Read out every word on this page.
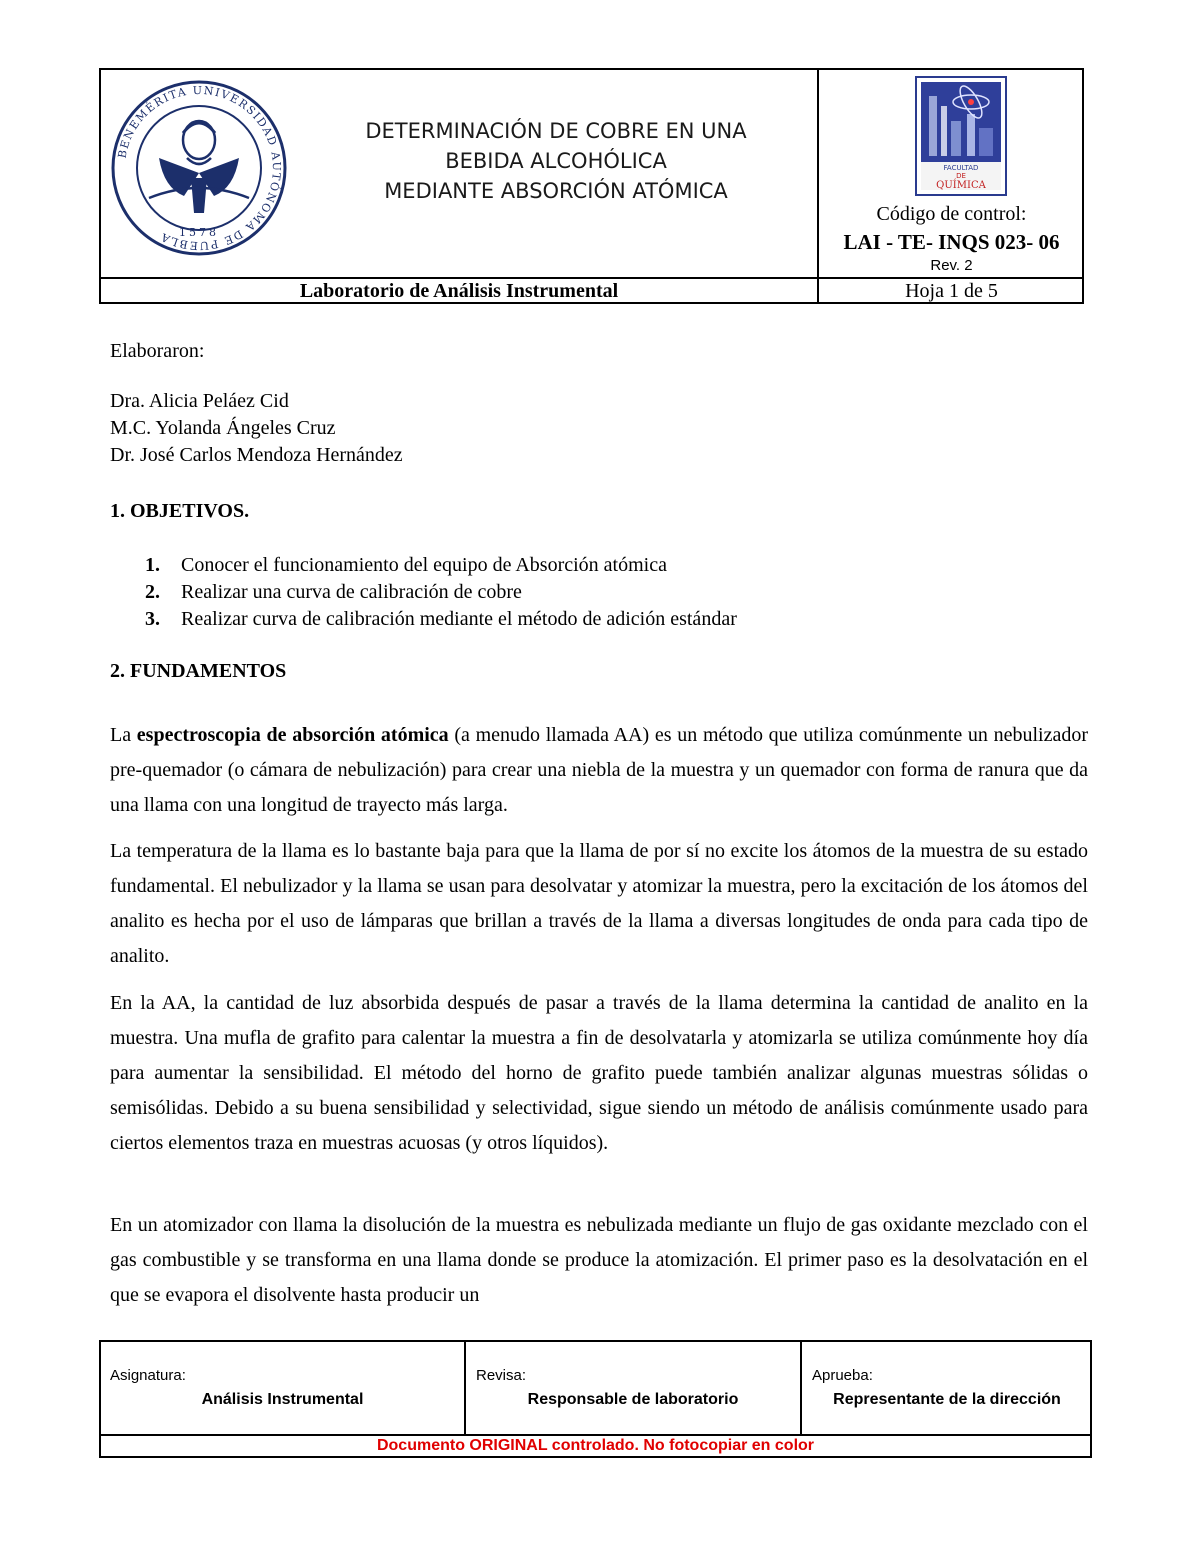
BENEMÉRITA UNIVERSIDAD AUTÓNOMA DE PUEBLA 1578
DETERMINACIÓN DE COBRE EN UNA
BEBIDA ALCOHÓLICA
MEDIANTE ABSORCIÓN ATÓMICA
FACULTAD
DE
QUÍMICA
Código de control:
LAI - TE- INQS 023- 06
Rev. 2
Laboratorio de Análisis Instrumental	Hoja 1 de 5
Elaboraron:
Dra. Alicia Peláez Cid
M.C. Yolanda Ángeles Cruz
Dr. José Carlos Mendoza Hernández
1. OBJETIVOS.
1.	Conocer el funcionamiento del equipo de Absorción atómica
2.	Realizar una curva de calibración de cobre
3.	Realizar curva de calibración mediante el método de adición estándar
2. FUNDAMENTOS
La espectroscopia de absorción atómica (a menudo llamada AA) es un método que utiliza comúnmente un nebulizador pre-quemador (o cámara de nebulización) para crear una niebla de la muestra y un quemador con forma de ranura que da una llama con una longitud de trayecto más larga.
La temperatura de la llama es lo bastante baja para que la llama de por sí no excite los átomos de la muestra de su estado fundamental. El nebulizador y la llama se usan para desolvatar y atomizar la muestra, pero la excitación de los átomos del analito es hecha por el uso de lámparas que brillan a través de la llama a diversas longitudes de onda para cada tipo de analito.
En la AA, la cantidad de luz absorbida después de pasar a través de la llama determina la cantidad de analito en la muestra. Una mufla de grafito para calentar la muestra a fin de desolvatarla y atomizarla se utiliza comúnmente hoy día para aumentar la sensibilidad. El método del horno de grafito puede también analizar algunas muestras sólidas o semisólidas. Debido a su buena sensibilidad y selectividad, sigue siendo un método de análisis comúnmente usado para ciertos elementos traza en muestras acuosas (y otros líquidos).
En un atomizador con llama la disolución de la muestra es nebulizada mediante un flujo de gas oxidante mezclado con el gas combustible y se transforma en una llama donde se produce la atomización. El primer paso es la desolvatación en el que se evapora el disolvente hasta producir un
Asignatura:
Análisis Instrumental
Revisa:
Responsable de laboratorio
Aprueba:
Representante de la dirección
Documento ORIGINAL controlado. No fotocopiar en color
